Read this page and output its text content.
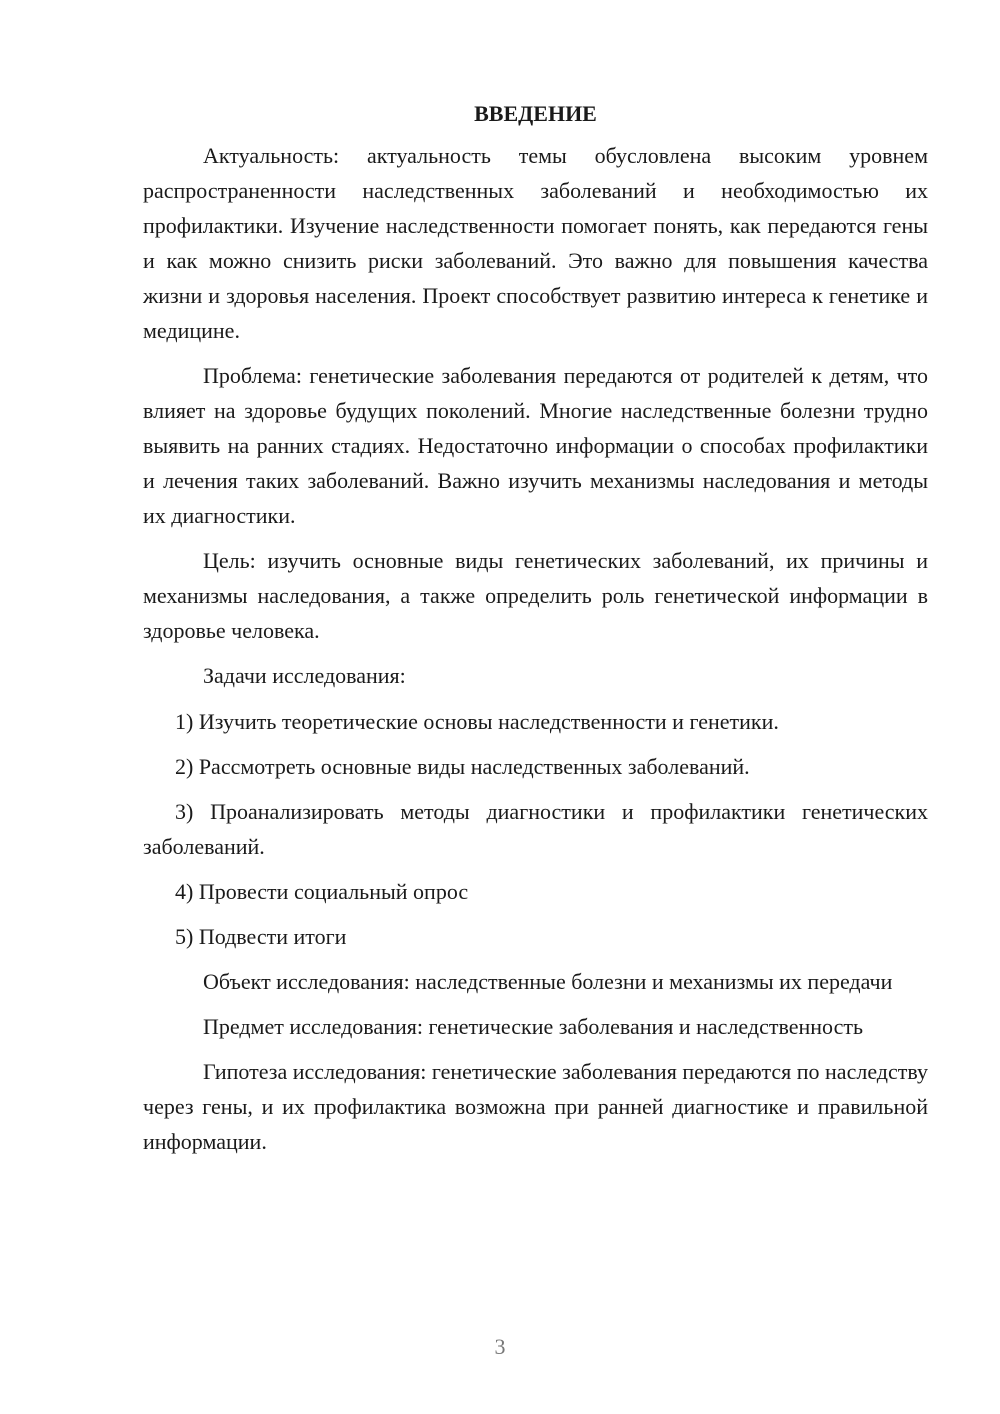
ВВЕДЕНИЕ

Актуальность: актуальность темы обусловлена высоким уровнем распространенности наследственных заболеваний и необходимостью их профилактики. Изучение наследственности помогает понять, как передаются гены и как можно снизить риски заболеваний. Это важно для повышения качества жизни и здоровья населения. Проект способствует развитию интереса к генетике и медицине.

Проблема: генетические заболевания передаются от родителей к детям, что влияет на здоровье будущих поколений. Многие наследственные болезни трудно выявить на ранних стадиях. Недостаточно информации о способах профилактики и лечения таких заболеваний. Важно изучить механизмы наследования и методы их диагностики.

Цель: изучить основные виды генетических заболеваний, их причины и механизмы наследования, а также определить роль генетической информации в здоровье человека.

Задачи исследования:

1) Изучить теоретические основы наследственности и генетики.

2) Рассмотреть основные виды наследственных заболеваний.

3) Проанализировать методы диагностики и профилактики генетических заболеваний.

4) Провести социальный опрос

5) Подвести итоги

Объект исследования: наследственные болезни и механизмы их передачи

Предмет исследования: генетические заболевания и наследственность

Гипотеза исследования: генетические заболевания передаются по наследству через гены, и их профилактика возможна при ранней диагностике и правильной информации.

3
